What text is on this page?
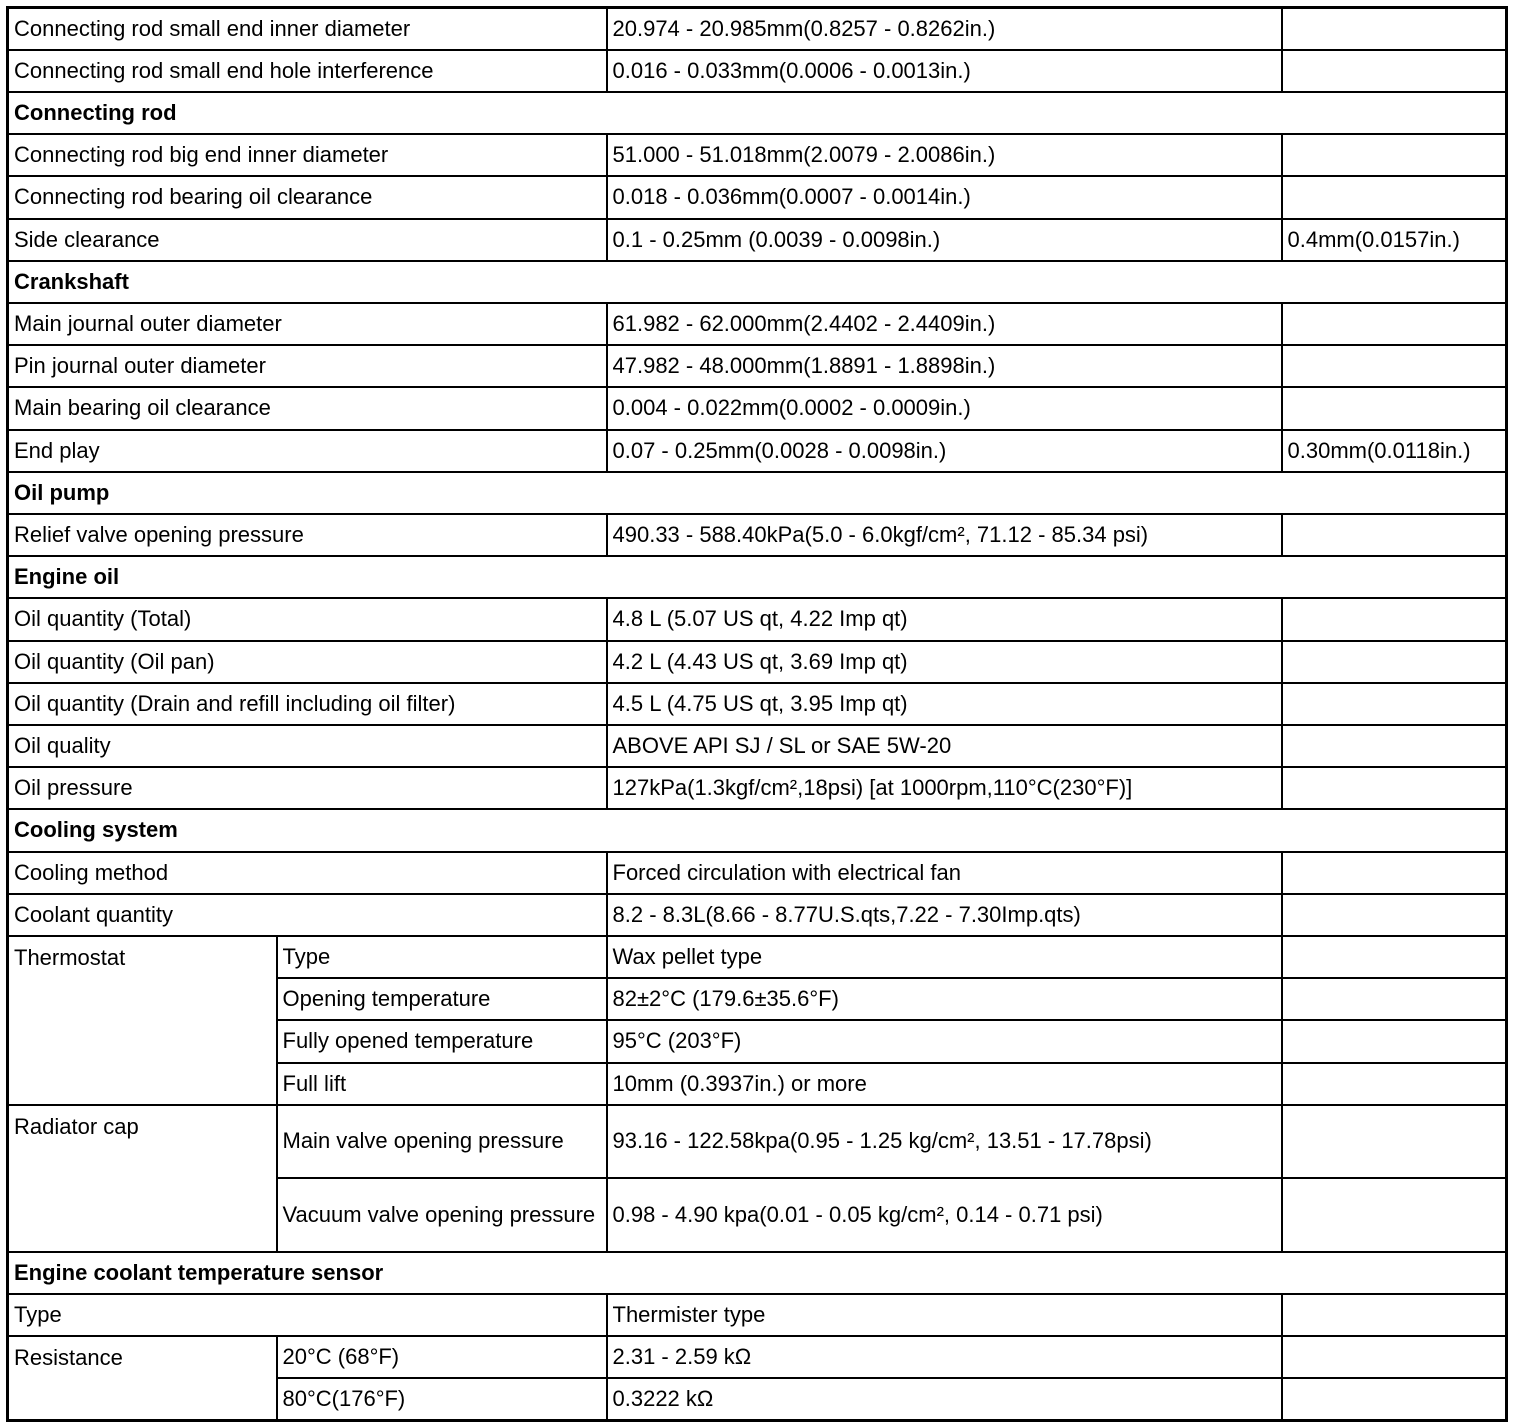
Connecting rod small end inner diameter		20.974 - 20.985mm(0.8257 - 0.8262in.)	
Connecting rod small end hole interference		0.016 - 0.033mm(0.0006 - 0.0013in.)	
Connecting rod			
Connecting rod big end inner diameter		51.000 - 51.018mm(2.0079 - 2.0086in.)	
Connecting rod bearing oil clearance		0.018 - 0.036mm(0.0007 - 0.0014in.)	
Side clearance		0.1 - 0.25mm (0.0039 - 0.0098in.)	0.4mm(0.0157in.)
Crankshaft			
Main journal outer diameter		61.982 - 62.000mm(2.4402 - 2.4409in.)	
Pin journal outer diameter		47.982 - 48.000mm(1.8891 - 1.8898in.)	
Main bearing oil clearance		0.004 - 0.022mm(0.0002 - 0.0009in.)	
End play		0.07 - 0.25mm(0.0028 - 0.0098in.)	0.30mm(0.0118in.)
Oil pump			
Relief valve opening pressure		490.33 - 588.40kPa(5.0 - 6.0kgf/cm², 71.12 - 85.34 psi)	
Engine oil			
Oil quantity (Total)		4.8 L (5.07 US qt, 4.22 Imp qt)	
Oil quantity (Oil pan)		4.2 L (4.43 US qt, 3.69 Imp qt)	
Oil quantity (Drain and refill including oil filter)		4.5 L (4.75 US qt, 3.95 Imp qt)	
Oil quality		ABOVE API SJ / SL or SAE 5W-20	
Oil pressure		127kPa(1.3kgf/cm²,18psi) [at 1000rpm,110°C(230°F)]	
Cooling system			
Cooling method		Forced circulation with electrical fan	
Coolant quantity		8.2 - 8.3L(8.66 - 8.77U.S.qts,7.22 - 7.30Imp.qts)	
Thermostat	Type	Wax pellet type	
	Opening temperature	82±2°C (179.6±35.6°F)	
	Fully opened temperature	95°C (203°F)	
	Full lift	10mm (0.3937in.) or more	
Radiator cap	Main valve opening pressure	93.16 - 122.58kpa(0.95 - 1.25 kg/cm², 13.51 - 17.78psi)	
	Vacuum valve opening pressure	0.98 - 4.90 kpa(0.01 - 0.05 kg/cm², 0.14 - 0.71 psi)	
Engine coolant temperature sensor			
Type		Thermister type	
Resistance	20°C (68°F)	2.31 - 2.59 kΩ	
	80°C(176°F)	0.3222 kΩ	
